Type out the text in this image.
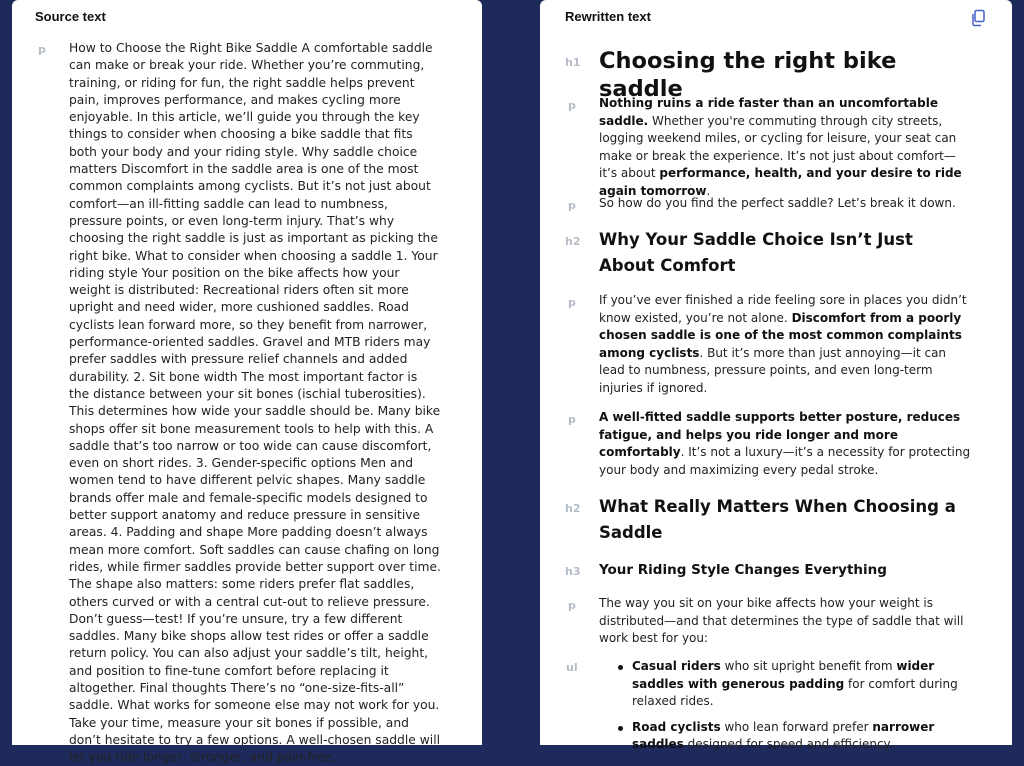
Source text
p	How to Choose the Right Bike Saddle A comfortable saddle can make or break your ride. Whether you’re commuting, training, or riding for fun, the right saddle helps prevent pain, improves performance, and makes cycling more enjoyable. In this article, we’ll guide you through the key things to consider when choosing a bike saddle that fits both your body and your riding style. Why saddle choice matters Discomfort in the saddle area is one of the most common complaints among cyclists. But it’s not just about comfort—an ill-fitting saddle can lead to numbness, pressure points, or even long-term injury. That’s why choosing the right saddle is just as important as picking the right bike. What to consider when choosing a saddle 1. Your riding style Your position on the bike affects how your weight is distributed: Recreational riders often sit more upright and need wider, more cushioned saddles. Road cyclists lean forward more, so they benefit from narrower, performance-oriented saddles. Gravel and MTB riders may prefer saddles with pressure relief channels and added durability. 2. Sit bone width The most important factor is the distance between your sit bones (ischial tuberosities). This determines how wide your saddle should be. Many bike shops offer sit bone measurement tools to help with this. A saddle that’s too narrow or too wide can cause discomfort, even on short rides. 3. Gender-specific options Men and women tend to have different pelvic shapes. Many saddle brands offer male and female-specific models designed to better support anatomy and reduce pressure in sensitive areas. 4. Padding and shape More padding doesn’t always mean more comfort. Soft saddles can cause chafing on long rides, while firmer saddles provide better support over time. The shape also matters: some riders prefer flat saddles, others curved or with a central cut-out to relieve pressure. Don’t guess—test! If you’re unsure, try a few different saddles. Many bike shops allow test rides or offer a saddle return policy. You can also adjust your saddle’s tilt, height, and position to fine-tune comfort before replacing it altogether. Final thoughts There’s no “one-size-fits-all” saddle. What works for someone else may not work for you. Take your time, measure your sit bones if possible, and don’t hesitate to try a few options. A well-chosen saddle will let you ride longer, stronger, and pain-free.
Rewritten text
h1 Choosing the right bike saddle
p	Nothing ruins a ride faster than an uncomfortable saddle. Whether you're commuting through city streets, logging weekend miles, or cycling for leisure, your seat can make or break the experience. It’s not just about comfort—it’s about performance, health, and your desire to ride again tomorrow.
p	So how do you find the perfect saddle? Let’s break it down.
h2	Why Your Saddle Choice Isn’t Just About Comfort
p	If you’ve ever finished a ride feeling sore in places you didn’t know existed, you’re not alone. Discomfort from a poorly chosen saddle is one of the most common complaints among cyclists. But it’s more than just annoying—it can lead to numbness, pressure points, and even long-term injuries if ignored.
p	A well-fitted saddle supports better posture, reduces fatigue, and helps you ride longer and more comfortably. It’s not a luxury—it’s a necessity for protecting your body and maximizing every pedal stroke.
h2	What Really Matters When Choosing a Saddle
h3	Your Riding Style Changes Everything
p	The way you sit on your bike affects how your weight is distributed—and that determines the type of saddle that will work best for you:
ul	Casual riders who sit upright benefit from wider saddles with generous padding for comfort during relaxed rides.
Road cyclists who lean forward prefer narrower saddles designed for speed and efficiency.
